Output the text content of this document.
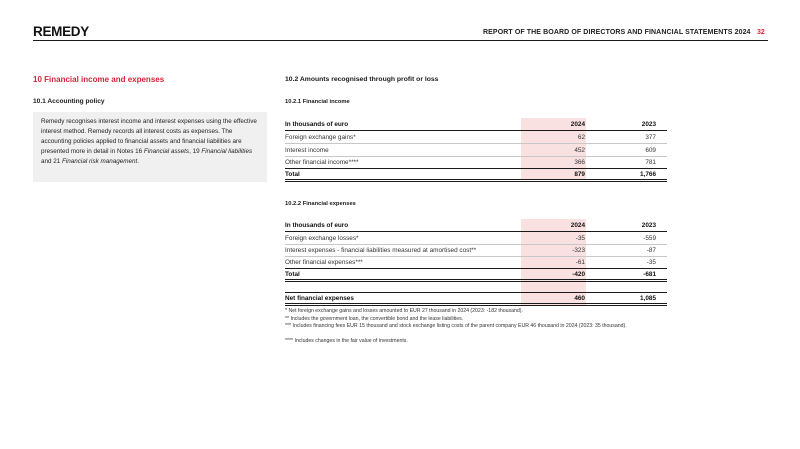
REMEDY	REPORT OF THE BOARD OF DIRECTORS AND FINANCIAL STATEMENTS 2024 32
10 Financial income and expenses
10.1 Accounting policy
Remedy recognises interest income and interest expenses using the effective interest method. Remedy records all interest costs as expenses. The accounting policies applied to financial assets and financial liabilities are presented more in detail in Notes 16 Financial assets, 19 Financial liabilities and 21 Financial risk management.
10.2 Amounts recognised through profit or loss
10.2.1 Financial income
In thousands of euro	2024	2023
Foreign exchange gains*	62	377
Interest income	452	609
Other financial income****	366	781
Total	879	1,766
10.2.2 Financial expenses
In thousands of euro	2024	2023
Foreign exchange losses*	-35	-559
Interest expenses - financial liabilities measured at amortised cost**	-323	-87
Other financial expenses***	-61	-35
Total	-420	-681
Net financial expenses	460	1,085
* Net foreign exchange gains and losses amounted to EUR 27 thousand in 2024 (2023: -182 thousand).
** Includes the government loan, the convertible bond and the lease liabilities.
*** Includes financing fees EUR 15 thousand and stock exchange listing costs of the parent company EUR 46 thousand in 2024 (2023: 35 thousand).
**** Includes changes in the fair value of investments.
